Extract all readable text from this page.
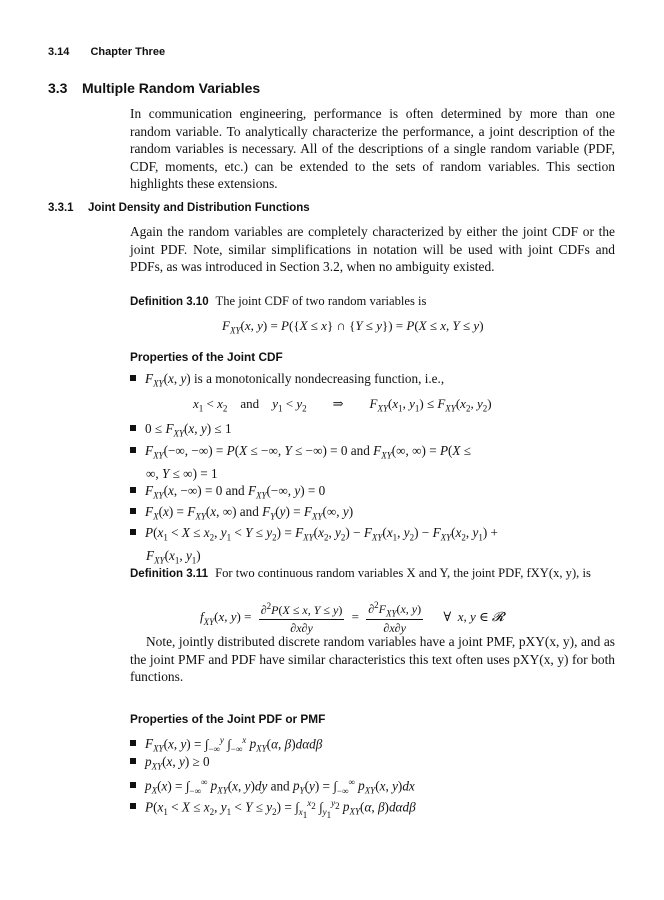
3.14 Chapter Three
3.3 Multiple Random Variables

In communication engineering, performance is often determined by more than one random variable. To analytically characterize the performance, a joint description of the random variables is necessary. All of the descriptions of a single random variable (PDF, CDF, moments, etc.) can be extended to the sets of random variables. This section highlights these extensions.

3.3.1 Joint Density and Distribution Functions

Again the random variables are completely characterized by either the joint CDF or the joint PDF. Note, similar simplifications in notation will be used with joint CDFs and PDFs, as was introduced in Section 3.2, when no ambiguity existed.

Definition 3.10 The joint CDF of two random variables is
$F_{XY}(x$, y) = P({X ≤ x} ∩ {Y ≤ y}) = P(X ≤ x, Y ≤ y)
Properties of the Joint CDF
$F_{XY}(x$, y) is a monotonically nondecreasing function, i.e.,
$x_1 < x_2$    and    $y_1 < y_2$        ⇒        $F_{XY}(x_1$, $y_1) \le F_{XY}(x_2$, $y_2$)
$0 \le F_{XY}(x$, y) ≤ 1
$F_{XY}(-\infty$, −∞) = P(X ≤ −∞, Y ≤ −∞) = 0 and $F_{XY}(\infty$, ∞) = P(X ≤
∞, Y ≤ ∞) = 1
$F_{XY}(x$, −∞) = 0 and $F_{XY}(-\infty$, y) = 0
$F_X(x) = F_{XY}(x$, ∞) and $F_Y(y) = F_{XY}(\infty$, y)
$P(x_1 < X \le x_2$, $y_1 < Y \le y_2) = F_{XY}(x_2$, $y_2) - F_{XY}(x_1$, $y_2) - F_{XY}(x_2$, $y_1$) +
$F_{XY}(x_1$, $y_1$)
Definition 3.11 For two continuous random variables X and Y, the joint PDF, fXY(x, y), is
$f_{XY}(x$, $y) = \frac{\partial^2P(X \le x, Y \le y)}{\partial x\partial y} = \frac{\partial^2F_{XY}(x, y)}{\partial x\partial y}$ ∀  x, y ∈ 𝓡

Note, jointly distributed discrete random variables have a joint PMF, pXY(x, y), and as the joint PMF and PDF have similar characteristics this text often uses pXY(x, y) for both functions.

Properties of the Joint PDF or PMF
$F_{XY}(x$, $y) = \int_{-\infty}^y$ $\int_{-\infty}^x$ $p_{XY}(\alpha$, β)dαdβ
$p_{XY}(x$, y) ≥ 0
$p_X(x) = \int_{-\infty}^\infty$ $p_{XY}(x$, y)dy and $p_Y(y) = \int_{-\infty}^\infty$ $p_{XY}(x$, y)dx
$P(x_1 < X \le x_2$, $y_1 < Y \le y_2) = \int_{x_1}^{x_2}$ $\int_{y_1}^{y_2}$ $p_{XY}(\alpha$, β)dαdβ
